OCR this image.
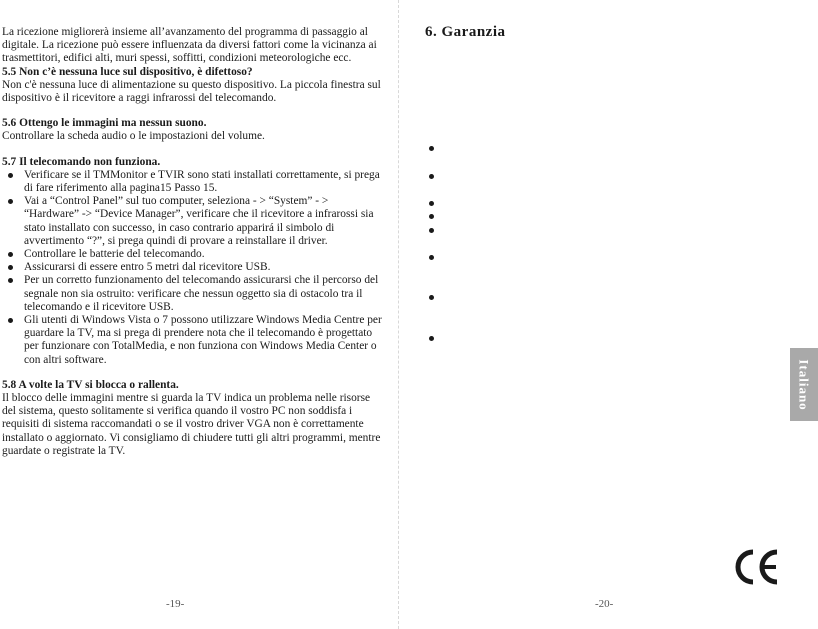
La ricezione migliorerà insieme all’avanzamento del programma di passaggio al digitale. La ricezione può essere influenzata da diversi fattori come la vicinanza ai trasmettitori, edifici alti, muri spessi, soffitti, condizioni meteorologiche ecc.

5.5 Non c’è nessuna luce sul dispositivo, è difettoso?

Non c'è nessuna luce di alimentazione su questo dispositivo. La piccola finestra sul dispositivo è il ricevitore a raggi infrarossi del telecomando.

5.6 Ottengo le immagini ma nessun suono.

Controllare la scheda audio o le impostazioni del volume.

5.7 Il telecomando non funziona.

Verificare se il TMMonitor e TVIR sono stati installati correttamente, si prega di fare riferimento alla pagina15 Passo 15.
Vai a “Control Panel” sul tuo computer, seleziona - > “System” - > “Hardware” -> “Device Manager”, verificare che il ricevitore a infrarossi sia stato installato con successo, in caso contrario apparirá il simbolo di avvertimento “?”, si prega quindi di provare a reinstallare il driver.
Controllare le batterie del telecomando.
Assicurarsi di essere entro 5 metri dal ricevitore USB.
Per un corretto funzionamento del telecomando assicurarsi che il percorso del segnale non sia ostruito: verificare che nessun oggetto sia di ostacolo tra il telecomando e il ricevitore USB.
Gli utenti di Windows Vista o 7 possono utilizzare Windows Media Centre per guardare la TV, ma si prega di prendere nota che il telecomando è progettato per funzionare con TotalMedia, e non funziona con Windows Media Center o con altri software.

5.8 A volte la TV si blocca o rallenta.

Il blocco delle immagini mentre si guarda la TV indica un problema nelle risorse del sistema, questo solitamente si verifica quando il vostro PC non soddisfa i requisiti di sistema raccomandati o se il vostro driver VGA non è correttamente installato o aggiornato. Vi consigliamo di chiudere tutti gli altri programmi, mentre guardate o registrate la TV.

-19-
6. Garanzia
-20-
Italiano
